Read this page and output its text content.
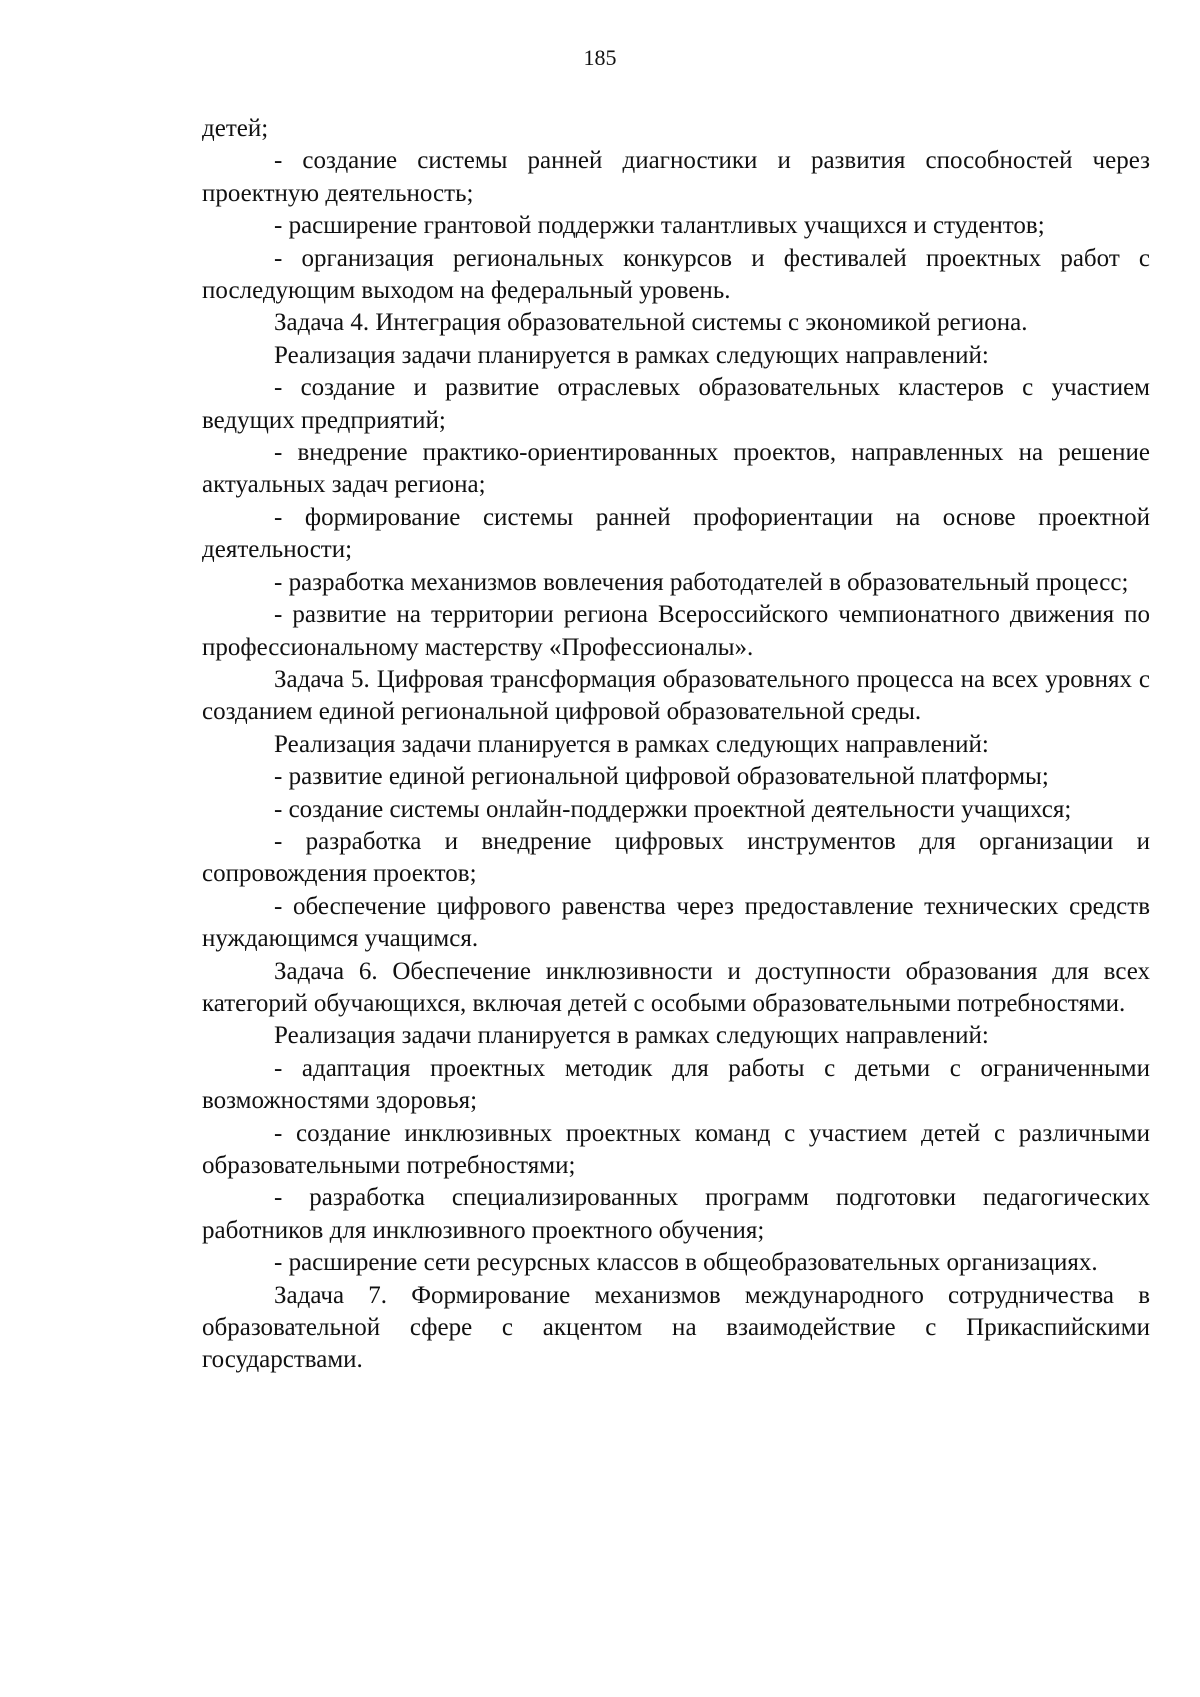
185

детей;

- создание системы ранней диагностики и развития способностей через проектную деятельность;

- расширение грантовой поддержки талантливых учащихся и студентов;

- организация региональных конкурсов и фестивалей проектных работ с последующим выходом на федеральный уровень.

Задача 4. Интеграция образовательной системы с экономикой региона.

Реализация задачи планируется в рамках следующих направлений:

- создание и развитие отраслевых образовательных кластеров с участием ведущих предприятий;

- внедрение практико-ориентированных проектов, направленных на решение актуальных задач региона;

- формирование системы ранней профориентации на основе проектной деятельности;

- разработка механизмов вовлечения работодателей в образовательный процесс;

- развитие на территории региона Всероссийского чемпионатного движения по профессиональному мастерству «Профессионалы».

Задача 5. Цифровая трансформация образовательного процесса на всех уровнях с созданием единой региональной цифровой образовательной среды.

Реализация задачи планируется в рамках следующих направлений:

- развитие единой региональной цифровой образовательной платформы;

- создание системы онлайн-поддержки проектной деятельности учащихся;

- разработка и внедрение цифровых инструментов для организации и сопровождения проектов;

- обеспечение цифрового равенства через предоставление технических средств нуждающимся учащимся.

Задача 6. Обеспечение инклюзивности и доступности образования для всех категорий обучающихся, включая детей с особыми образовательными потребностями.

Реализация задачи планируется в рамках следующих направлений:

- адаптация проектных методик для работы с детьми с ограниченными возможностями здоровья;

- создание инклюзивных проектных команд с участием детей с различными образовательными потребностями;

- разработка специализированных программ подготовки педагогических работников для инклюзивного проектного обучения;

- расширение сети ресурсных классов в общеобразовательных организациях.

Задача 7. Формирование механизмов международного сотрудничества в образовательной сфере с акцентом на взаимодействие с Прикаспийскими государствами.
